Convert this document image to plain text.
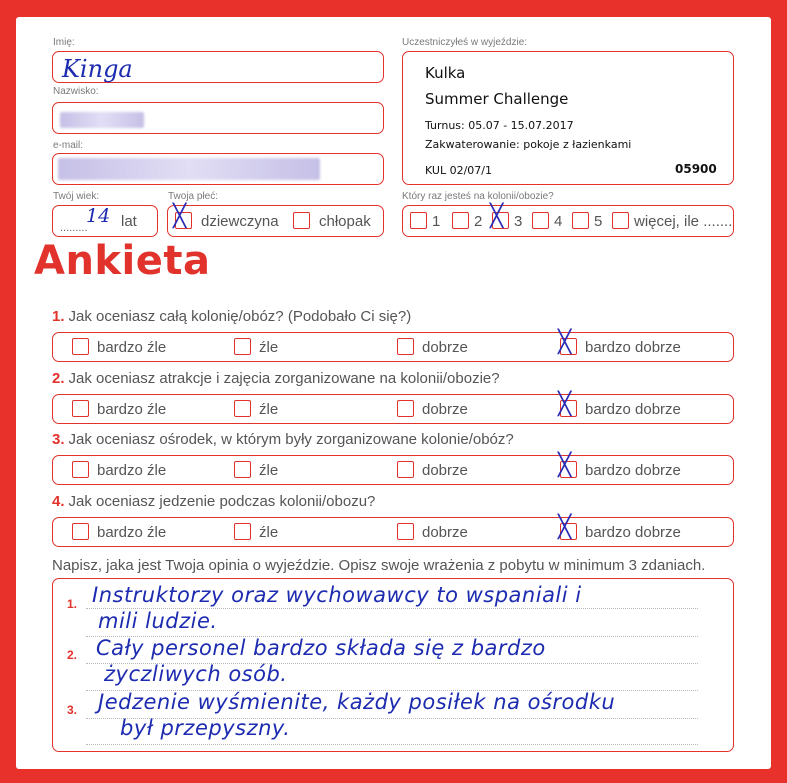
Imię:
Kinga
Nazwisko:
e-mail:
Twój wiek:
.........
14 lat
Twoja płeć:
╳ dziewczyna	chłopak
Uczestniczyłeś w wyjeździe:
Kulka
Summer Challenge
Turnus: 05.07 - 15.07.2017
Zakwaterowanie: pokoje z łazienkami
KUL 02/07/1	05900
Który raz jesteś na kolonii/obozie?
1 2 ╳ 3 4 5 więcej, ile .......
Ankieta
1. Jak oceniasz całą kolonię/obóz? (Podobało Ci się?)
bardzo źle	źle	dobrze	╳ bardzo dobrze
2. Jak oceniasz atrakcje i zajęcia zorganizowane na kolonii/obozie?
bardzo źle	źle	dobrze	╳ bardzo dobrze
3. Jak oceniasz ośrodek, w którym były zorganizowane kolonie/obóz?
bardzo źle	źle	dobrze	╳ bardzo dobrze
4. Jak oceniasz jedzenie podczas kolonii/obozu?
bardzo źle	źle	dobrze	╳ bardzo dobrze
Napisz, jaka jest Twoja opinia o wyjeździe. Opisz swoje wrażenia z pobytu w minimum 3 zdaniach.
1.
2.
3.
Instruktorzy oraz wychowawcy to wspaniali i
mili ludzie.
Cały personel bardzo składa się z bardzo
życzliwych osób.
Jedzenie wyśmienite, każdy posiłek na ośrodku
był przepyszny.
